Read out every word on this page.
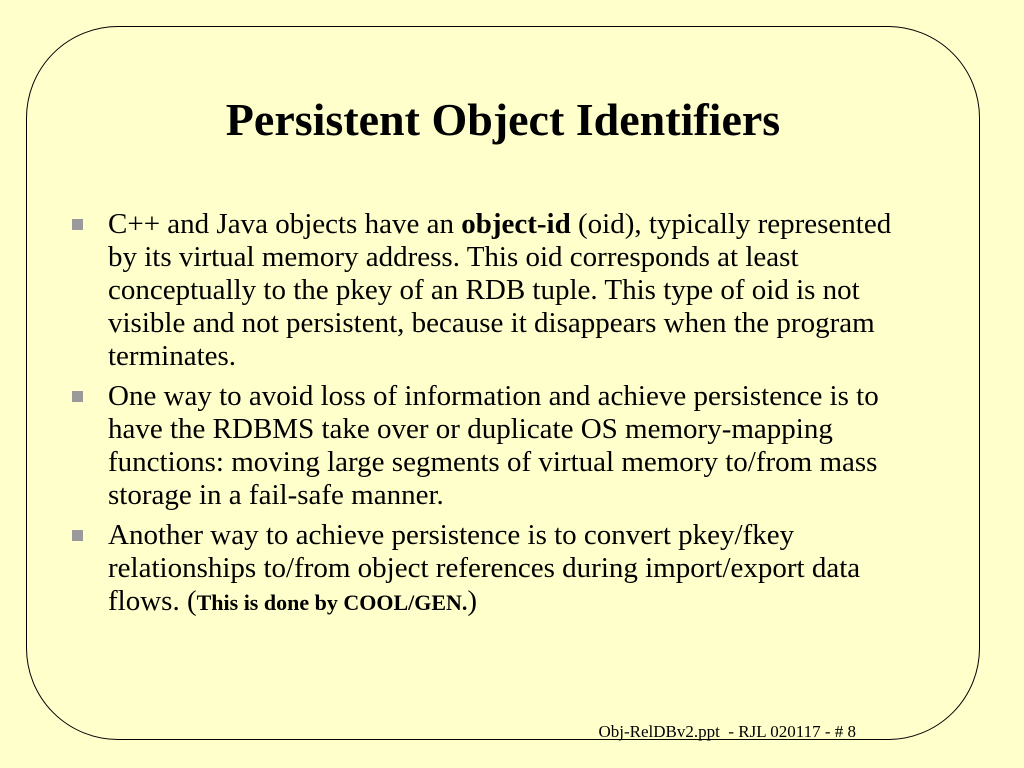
Persistent Object Identifiers
C++ and Java objects have an object-id (oid), typically represented by its virtual memory address. This oid corresponds at least conceptually to the pkey of an RDB tuple. This type of oid is not visible and not persistent, because it disappears when the program terminates.
One way to avoid loss of information and achieve persistence is to have the RDBMS take over or duplicate OS memory-mapping functions: moving large segments of virtual memory to/from mass storage in a fail-safe manner.
Another way to achieve persistence is to convert pkey/fkey relationships to/from object references during import/export data flows. (This is done by COOL/GEN.)
Obj-RelDBv2.ppt  - RJL 020117 - # 8
